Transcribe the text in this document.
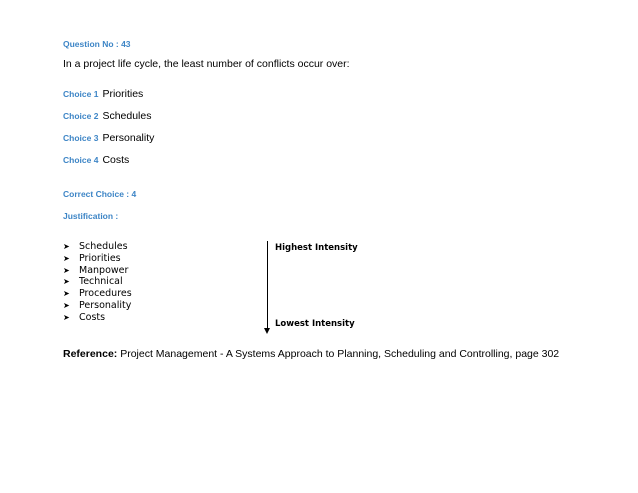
Question No : 43
In a project life cycle, the least number of conflicts occur over:
Choice 1 Priorities
Choice 2 Schedules
Choice 3 Personality
Choice 4 Costs
Correct Choice : 4
Justification :
➤ Schedules
➤ Priorities
➤ Manpower
➤ Technical
➤ Procedures
➤ Personality
➤ Costs
Highest Intensity
Lowest Intensity
Reference: Project Management - A Systems Approach to Planning, Scheduling and Controlling, page 302
